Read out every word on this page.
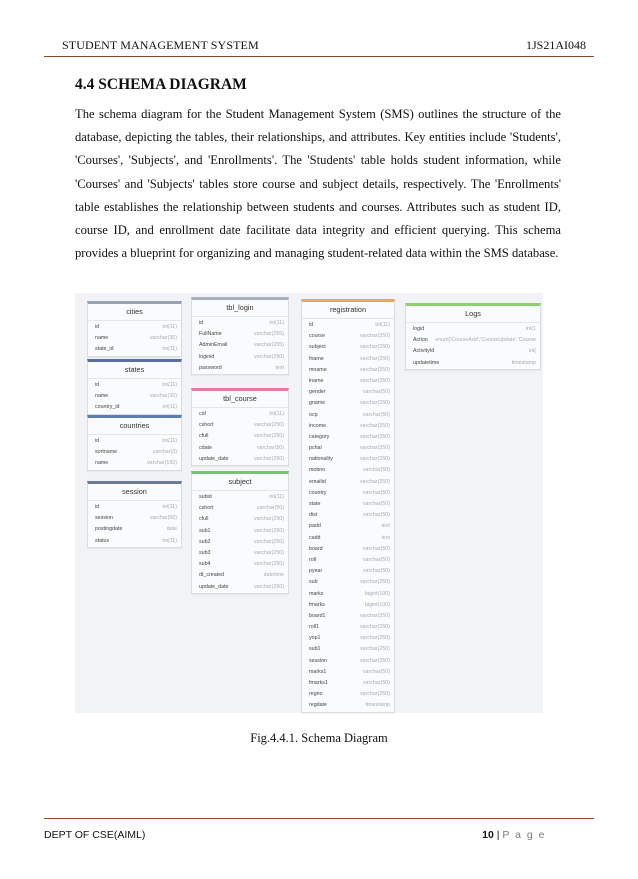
STUDENT MANAGEMENT SYSTEM	1JS21AI048
4.4 SCHEMA DIAGRAM
The schema diagram for the Student Management System (SMS) outlines the structure of the database, depicting the tables, their relationships, and attributes. Key entities include 'Students', 'Courses', 'Subjects', and 'Enrollments'. The 'Students' table holds student information, while 'Courses' and 'Subjects' tables store course and subject details, respectively. The 'Enrollments' table establishes the relationship between students and courses. Attributes such as student ID, course ID, and enrollment date facilitate data integrity and efficient querying. This schema provides a blueprint for organizing and managing student-related data within the SMS database.
cities
id	int(11)
name	varchar(30)
state_id	int(11)
states
id	int(11)
name	varchar(30)
country_id	int(11)
countries
id	int(11)
sortname	varchar(3)
name	varchar(150)
session
id	int(11)
session	varchar(50)
postingdate	date
status	int(11)
tbl_login
id	int(11)
FullName	varchar(255)
AdminEmail	varchar(255)
loginid	varchar(250)
password	text
tbl_course
cid	int(11)
cshort	varchar(250)
cfull	varchar(250)
cdate	varchar(50)
update_date	varchar(250)
subject
subid	int(11)
cshort	varchar(50)
cfull	varchar(250)
sub1	varchar(250)
sub2	varchar(250)
sub3	varchar(250)
sub4	varchar(250)
dt_created	datetime
update_date	varchar(250)
registration
id	int(11)
course	varchar(250)
subject	varchar(250)
fname	varchar(250)
mname	varchar(250)
lname	varchar(250)
gender	varchar(50)
gname	varchar(250)
ocp	varchar(50)
income	varchar(250)
category	varchar(250)
pchal	varchar(250)
nationality	varchar(250)
mobno	varchar(50)
emailid	varchar(250)
country	varchar(50)
state	varchar(50)
dist	varchar(50)
padd	text
cadd	text
board	varchar(50)
roll	varchar(50)
pyear	varchar(50)
sub	varchar(250)
marks	bigint(100)
fmarks	bigint(100)
board1	varchar(250)
roll1	varchar(250)
yop1	varchar(250)
sub1	varchar(250)
session	varchar(250)
marks1	varchar(50)
fmarks1	varchar(50)
regno	varchar(250)
regdate	timestamp
Logs
logid	int(1
Action enum('CourseAdd','CourseUpdate','Course
ActivityId	int(
updatetime	timestamp
Fig.4.4.1. Schema Diagram
DEPT OF CSE(AIML)	10 | P a g e
